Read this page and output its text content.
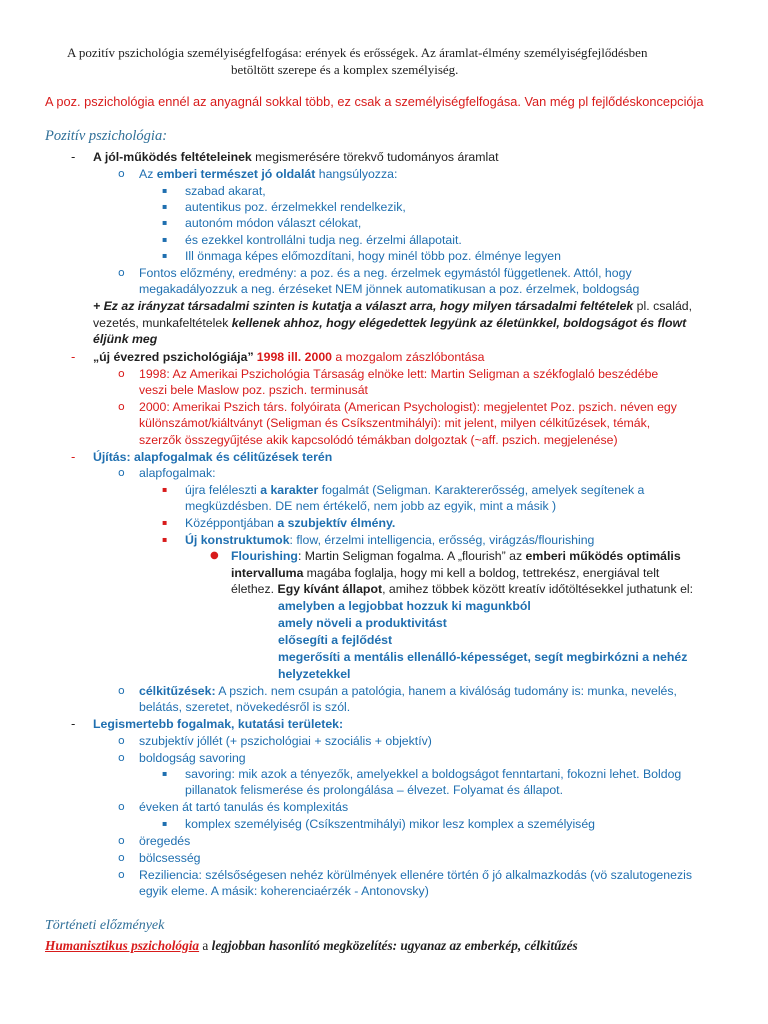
A pozitív pszichológia személyiségfelfogása: erények és erősségek. Az áramlat-élmény személyiségfejlődésben
betöltött szerepe és a komplex személyiség.
A poz. pszichológia ennél az anyagnál sokkal több, ez csak a személyiségfelfogása. Van még pl fejlődéskoncepciója
Pozitív pszichológia:
- A jól-működés feltételeinek megismerésére törekvő tudományos áramlat
o Az emberi természet jó oldalát hangsúlyozza:
▪ szabad akarat,
▪ autentikus poz. érzelmekkel rendelkezik,
▪ autonóm módon választ célokat,
▪ és ezekkel kontrollálni tudja neg. érzelmi állapotait.
▪ Ill önmaga képes előmozdítani, hogy minél több poz. élménye legyen
o Fontos előzmény, eredmény: a poz. és a neg. érzelmek egymástól függetlenek. Attól, hogy
megakadályozzuk a neg. érzéseket NEM jönnek automatikusan a poz. érzelmek, boldogság
+ Ez az irányzat társadalmi szinten is kutatja a választ arra, hogy milyen társadalmi feltételek pl. család,
vezetés, munkafeltételek kellenek ahhoz, hogy elégedettek legyünk az életünkkel, boldogságot és flowt
éljünk meg
- „új évezred pszichológiája” 1998 ill. 2000 a mozgalom zászlóbontása
o 1998: Az Amerikai Pszichológia Társaság elnöke lett: Martin Seligman a székfoglaló beszédébe
veszi bele Maslow poz. pszich. terminusát
o 2000: Amerikai Pszich társ. folyóirata (American Psychologist): megjelentet Poz. pszich. néven egy
különszámot/kiáltványt (Seligman és Csíkszentmihályi): mit jelent, milyen célkitűzések, témák,
szerzők összegyűjtése akik kapcsolódó témákban dolgoztak (~aff. pszich. megjelenése)
- Újítás: alapfogalmak és célitűzések terén
o alapfogalmak:
▪ újra feléleszti a karakter fogalmát (Seligman. Karaktererősség, amelyek segítenek a
megküzdésben. DE nem értékelő, nem jobb az egyik, mint a másik )
▪ Középpontjában a szubjektív élmény.
▪ Új konstruktumok: flow, érzelmi intelligencia, erősség, virágzás/flourishing
● Flourishing: Martin Seligman fogalma. A „flourish” az emberi működés optimális
intervalluma magába foglalja, hogy mi kell a boldog, tettrekész, energiával telt
élethez. Egy kívánt állapot, amihez többek között kreatív időtöltésekkel juthatunk el:
amelyben a legjobbat hozzuk ki magunkból
amely növeli a produktivitást
elősegíti a fejlődést
megerősíti a mentális ellenálló-képességet, segít megbirkózni a nehéz
helyzetekkel
o célkitűzések: A pszich. nem csupán a patológia, hanem a kiválóság tudomány is: munka, nevelés,
belátás, szeretet, növekedésről is szól.
- Legismertebb fogalmak, kutatási területek:
o szubjektív jóllét (+ pszichológiai + szociális + objektív)
o boldogság savoring
▪ savoring: mik azok a tényezők, amelyekkel a boldogságot fenntartani, fokozni lehet. Boldog
pillanatok felismerése és prolongálása – élvezet. Folyamat és állapot.
o éveken át tartó tanulás és komplexitás
▪ komplex személyiség (Csíkszentmihályi) mikor lesz komplex a személyiség
o öregedés
o bölcsesség
o Reziliencia: szélsőségesen nehéz körülmények ellenére történ ő jó alkalmazkodás (vö szalutogenezis
egyik eleme. A másik: koherenciaérzék - Antonovsky)
Történeti előzmények
Humanisztikus pszichológia a legjobban hasonlító megközelítés: ugyanaz az emberkép, célkitűzés
